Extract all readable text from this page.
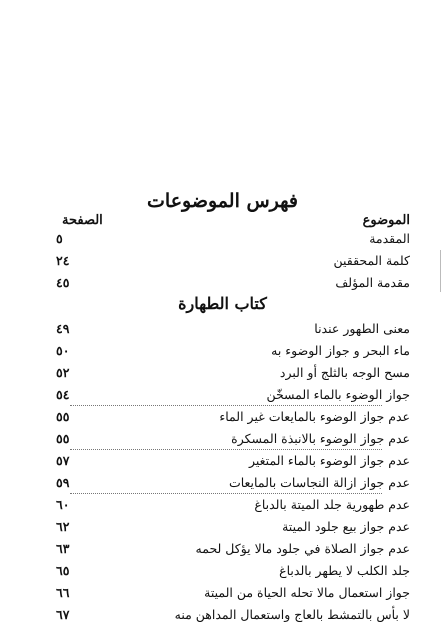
فهرس الموضوعات
الموضوع
الصفحة
المقدمة
٥
كلمة المحققين
٢٤
مقدمة المؤلف
٤٥
كتاب الطهارة
معنى الطهور عندنا
٤٩
ماء البحر و جواز الوضوء به
٥٠
مسح الوجه بالثلج أو البرد
٥٢
جواز الوضوء بالماء المسخّن
٥٤
عدم جواز الوضوء بالمايعات غير الماء
٥٥
عدم جواز الوضوء بالانبذة المسكرة
٥٥
عدم جواز الوضوء بالماء المتغير
٥٧
عدم جواز ازالة النجاسات بالمايعات
٥٩
عدم طهورية جلد الميتة بالدباغ
٦٠
عدم جواز بيع جلود الميتة
٦٢
عدم جواز الصلاة في جلود مالا يؤكل لحمه
٦٣
جلد الكلب لا يطهر بالدباغ
٦٥
جواز استعمال مالا تحله الحياة من الميتة
٦٦
لا بأس بالتمشط بالعاج واستعمال المداهن منه
٦٧
